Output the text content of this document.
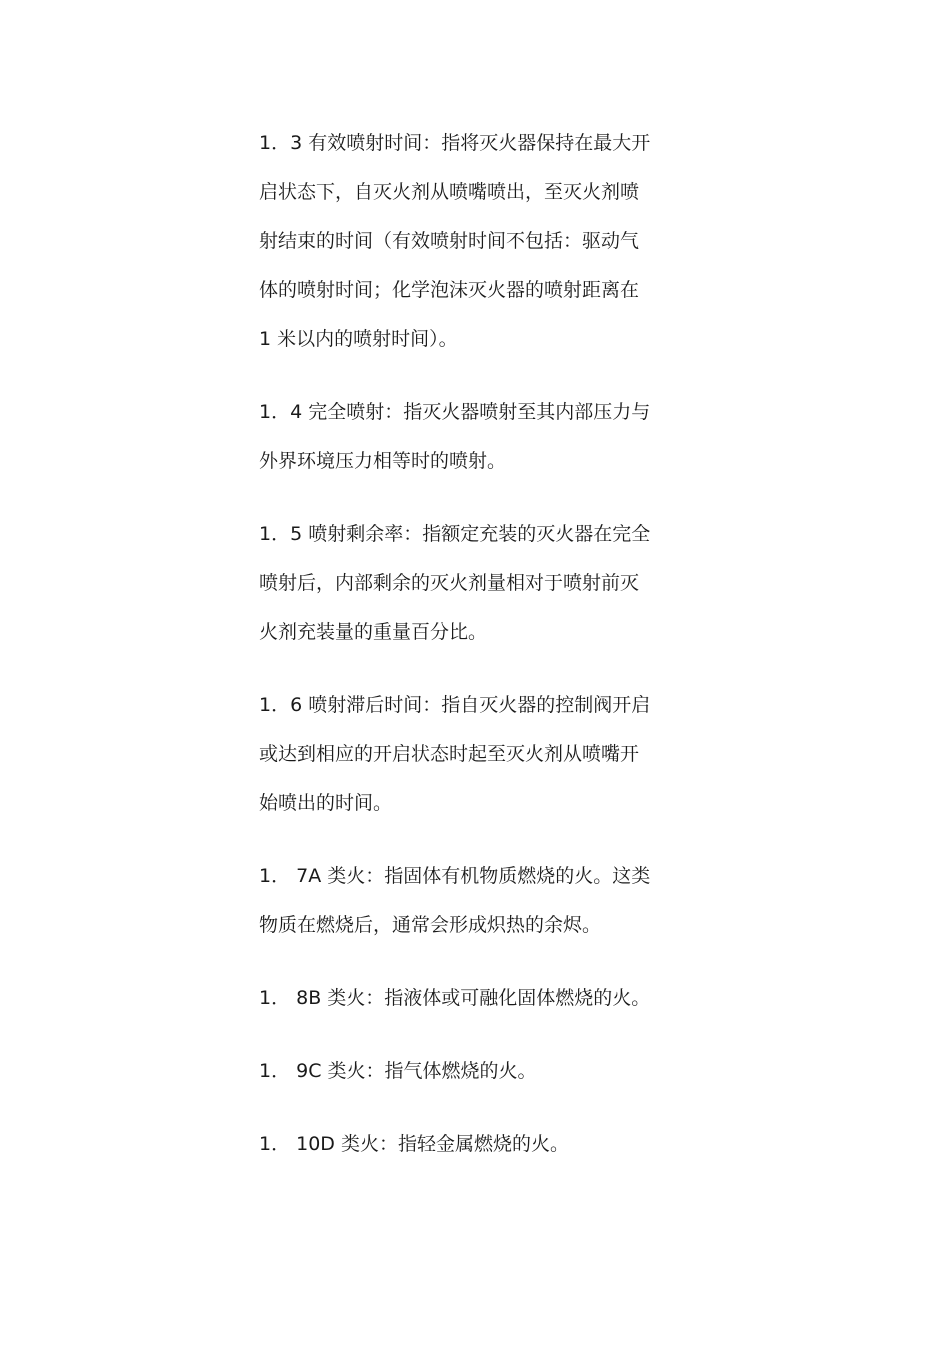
1．3 有效喷射时间：指将灭火器保持在最大开
启状态下，自灭火剂从喷嘴喷出，至灭火剂喷
射结束的时间（有效喷射时间不包括：驱动气
体的喷射时间；化学泡沫灭火器的喷射距离在
1 米以内的喷射时间）。

1．4 完全喷射：指灭火器喷射至其内部压力与
外界环境压力相等时的喷射。

1．5 喷射剩余率：指额定充装的灭火器在完全
喷射后，内部剩余的灭火剂量相对于喷射前灭
火剂充装量的重量百分比。

1．6 喷射滞后时间：指自灭火器的控制阀开启
或达到相应的开启状态时起至灭火剂从喷嘴开
始喷出的时间。

1． 7A 类火：指固体有机物质燃烧的火。这类
物质在燃烧后，通常会形成炽热的余烬。

1． 8B 类火：指液体或可融化固体燃烧的火。

1． 9C 类火：指气体燃烧的火。

1． 10D 类火：指轻金属燃烧的火。
